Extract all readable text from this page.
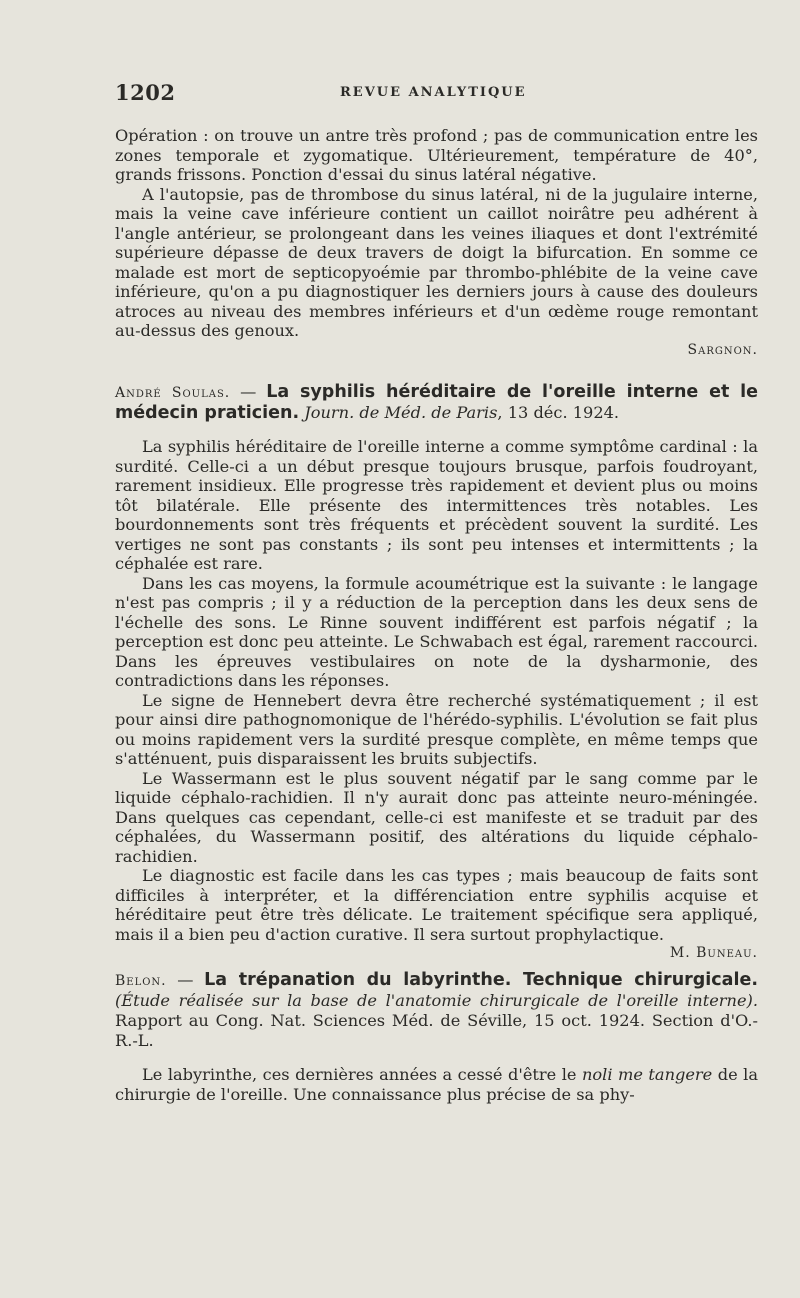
1202	REVUE ANALYTIQUE

Opération : on trouve un antre très profond ; pas de communication entre les zones temporale et zygomatique. Ultérieurement, température de 40°, grands frissons. Ponction d'essai du sinus latéral négative.

A l'autopsie, pas de thrombose du sinus latéral, ni de la jugulaire interne, mais la veine cave inférieure contient un caillot noirâtre peu adhérent à l'angle antérieur, se prolongeant dans les veines iliaques et dont l'extrémité supérieure dépasse de deux travers de doigt la bifurcation. En somme ce malade est mort de septicopyoémie par thrombo-phlébite de la veine cave inférieure, qu'on a pu diagnostiquer les derniers jours à cause des douleurs atroces au niveau des membres inférieurs et d'un œdème rouge remontant au-dessus des genoux.

Sargnon.
André Soulas. — La syphilis héréditaire de l'oreille interne et le médecin praticien. Journ. de Méd. de Paris, 13 déc. 1924.

La syphilis héréditaire de l'oreille interne a comme symptôme cardinal : la surdité. Celle-ci a un début presque toujours brusque, parfois foudroyant, rarement insidieux. Elle progresse très rapidement et devient plus ou moins tôt bilatérale. Elle présente des intermittences très notables. Les bourdonnements sont très fréquents et précèdent souvent la surdité. Les vertiges ne sont pas constants ; ils sont peu intenses et intermittents ; la céphalée est rare.

Dans les cas moyens, la formule acoumétrique est la suivante : le langage n'est pas compris ; il y a réduction de la perception dans les deux sens de l'échelle des sons. Le Rinne souvent indifférent est parfois négatif ; la perception est donc peu atteinte. Le Schwabach est égal, rarement raccourci. Dans les épreuves vestibulaires on note de la dysharmonie, des contradictions dans les réponses.

Le signe de Hennebert devra être recherché systématiquement ; il est pour ainsi dire pathognomonique de l'hérédo-syphilis. L'évolution se fait plus ou moins rapidement vers la surdité presque complète, en même temps que s'atténuent, puis disparaissent les bruits subjectifs.

Le Wassermann est le plus souvent négatif par le sang comme par le liquide céphalo-rachidien. Il n'y aurait donc pas atteinte neuro-méningée. Dans quelques cas cependant, celle-ci est manifeste et se traduit par des céphalées, du Wassermann positif, des altérations du liquide céphalo-rachidien.

Le diagnostic est facile dans les cas types ; mais beaucoup de faits sont difficiles à interpréter, et la différenciation entre syphilis acquise et héréditaire peut être très délicate. Le traitement spécifique sera appliqué, mais il a bien peu d'action curative. Il sera surtout prophylactique.
M. Buneau.

Belon. — La trépanation du labyrinthe. Technique chirurgicale. (Étude réalisée sur la base de l'anatomie chirurgicale de l'oreille interne). Rapport au Cong. Nat. Sciences Méd. de Séville, 15 oct. 1924. Section d'O.-R.-L.

Le labyrinthe, ces dernières années a cessé d'être le noli me tangere de la chirurgie de l'oreille. Une connaissance plus précise de sa phy-
